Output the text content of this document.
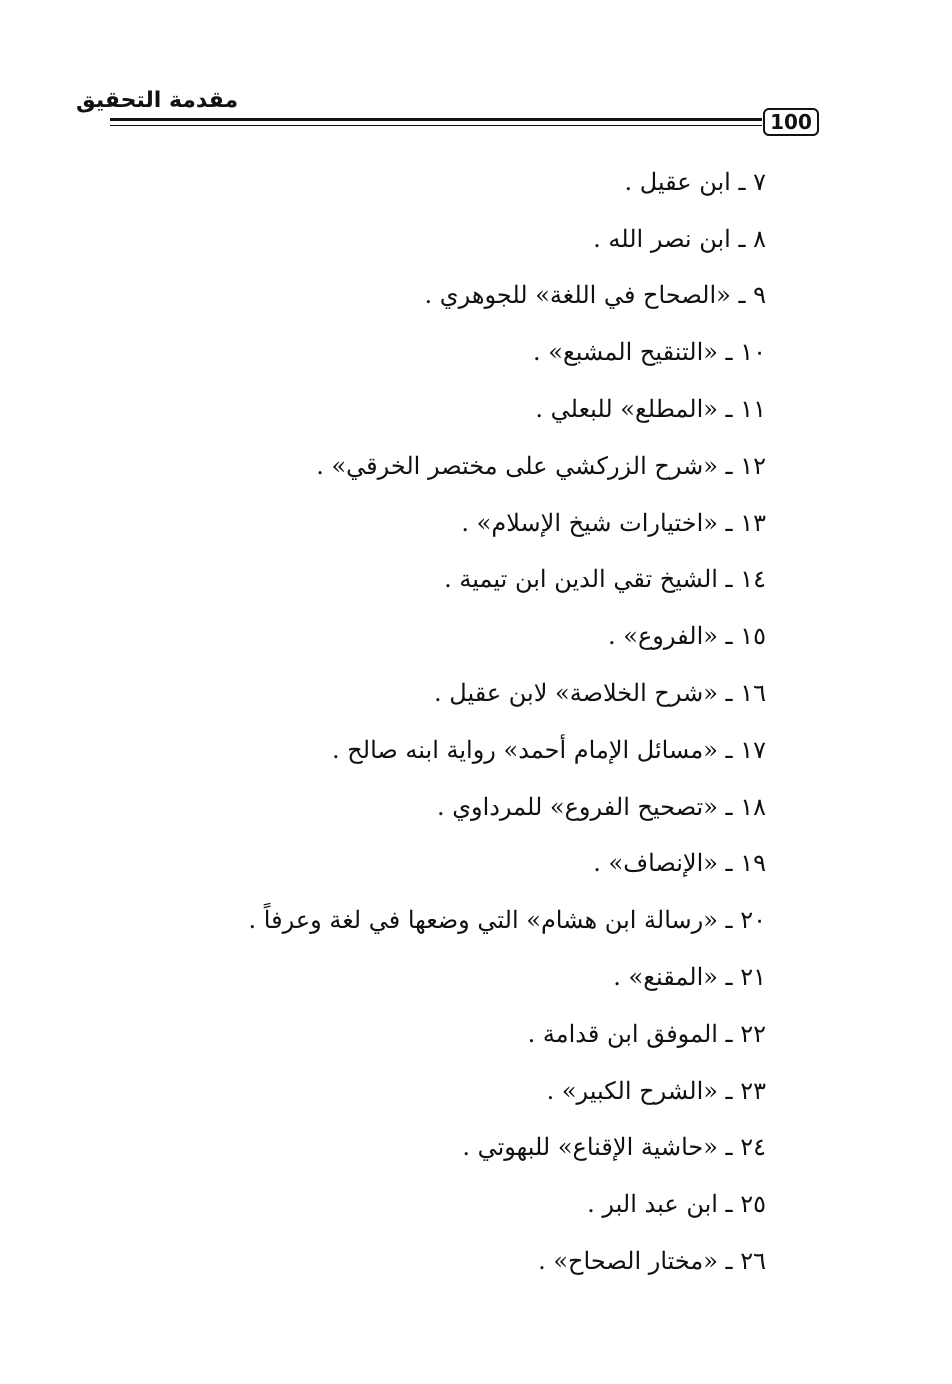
مقدمة التحقيق
100
٧ ـ ابن عقيل .
٨ ـ ابن نصر الله .
٩ ـ «الصحاح في اللغة» للجوهري .
١٠ ـ «التنقيح المشبع» .
١١ ـ «المطلع» للبعلي .
١٢ ـ «شرح الزركشي على مختصر الخرقي» .
١٣ ـ «اختيارات شيخ الإسلام» .
١٤ ـ الشيخ تقي الدين ابن تيمية .
١٥ ـ «الفروع» .
١٦ ـ «شرح الخلاصة» لابن عقيل .
١٧ ـ «مسائل الإمام أحمد» رواية ابنه صالح .
١٨ ـ «تصحيح الفروع» للمرداوي .
١٩ ـ «الإنصاف» .
٢٠ ـ «رسالة ابن هشام» التي وضعها في لغة وعرفاً .
٢١ ـ «المقنع» .
٢٢ ـ الموفق ابن قدامة .
٢٣ ـ «الشرح الكبير» .
٢٤ ـ «حاشية الإقناع» للبهوتي .
٢٥ ـ ابن عبد البر .
٢٦ ـ «مختار الصحاح» .
